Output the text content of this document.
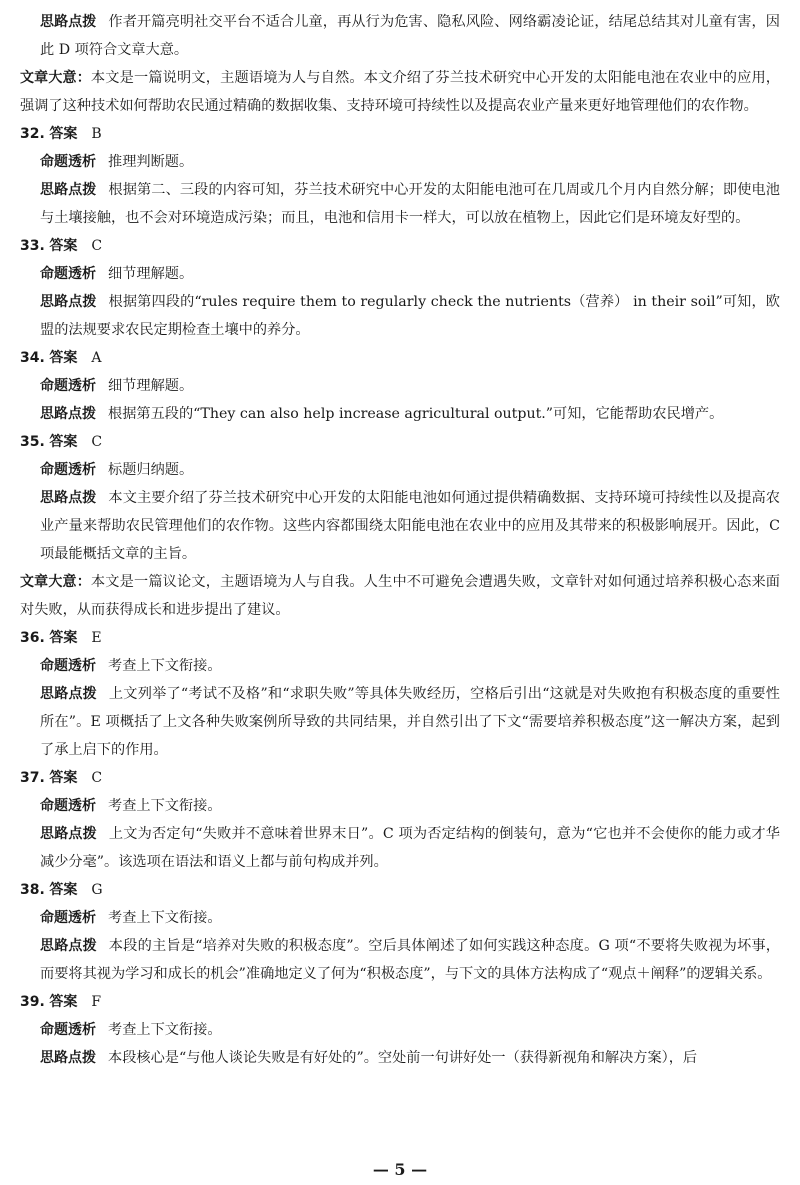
思路点拨 作者开篇亮明社交平台不适合儿童，再从行为危害、隐私风险、网络霸凌论证，结尾总结其对儿童有害，因此 D 项符合文章大意。

文章大意：本文是一篇说明文，主题语境为人与自然。本文介绍了芬兰技术研究中心开发的太阳能电池在农业中的应用，强调了这种技术如何帮助农民通过精确的数据收集、支持环境可持续性以及提高农业产量来更好地管理他们的农作物。

32. 答案 B

命题透析 推理判断题。

思路点拨 根据第二、三段的内容可知，芬兰技术研究中心开发的太阳能电池可在几周或几个月内自然分解；即使电池与土壤接触，也不会对环境造成污染；而且，电池和信用卡一样大，可以放在植物上，因此它们是环境友好型的。

33. 答案 C

命题透析 细节理解题。

思路点拨 根据第四段的“rules require them to regularly check the nutrients（营养） in their soil”可知，欧盟的法规要求农民定期检查土壤中的养分。

34. 答案 A

命题透析 细节理解题。

思路点拨 根据第五段的“They can also help increase agricultural output.”可知，它能帮助农民增产。

35. 答案 C

命题透析 标题归纳题。

思路点拨 本文主要介绍了芬兰技术研究中心开发的太阳能电池如何通过提供精确数据、支持环境可持续性以及提高农业产量来帮助农民管理他们的农作物。这些内容都围绕太阳能电池在农业中的应用及其带来的积极影响展开。因此，C 项最能概括文章的主旨。

文章大意：本文是一篇议论文，主题语境为人与自我。人生中不可避免会遭遇失败，文章针对如何通过培养积极心态来面对失败，从而获得成长和进步提出了建议。

36. 答案 E

命题透析 考查上下文衔接。

思路点拨 上文列举了“考试不及格”和“求职失败”等具体失败经历，空格后引出“这就是对失败抱有积极态度的重要性所在”。E 项概括了上文各种失败案例所导致的共同结果，并自然引出了下文“需要培养积极态度”这一解决方案，起到了承上启下的作用。

37. 答案 C

命题透析 考查上下文衔接。

思路点拨 上文为否定句“失败并不意味着世界末日”。C 项为否定结构的倒装句，意为“它也并不会使你的能力或才华减少分毫”。该选项在语法和语义上都与前句构成并列。

38. 答案 G

命题透析 考查上下文衔接。

思路点拨 本段的主旨是“培养对失败的积极态度”。空后具体阐述了如何实践这种态度。G 项“不要将失败视为坏事，而要将其视为学习和成长的机会”准确地定义了何为“积极态度”，与下文的具体方法构成了“观点＋阐释”的逻辑关系。

39. 答案 F

命题透析 考查上下文衔接。

思路点拨 本段核心是“与他人谈论失败是有好处的”。空处前一句讲好处一（获得新视角和解决方案），后

— 5 —
